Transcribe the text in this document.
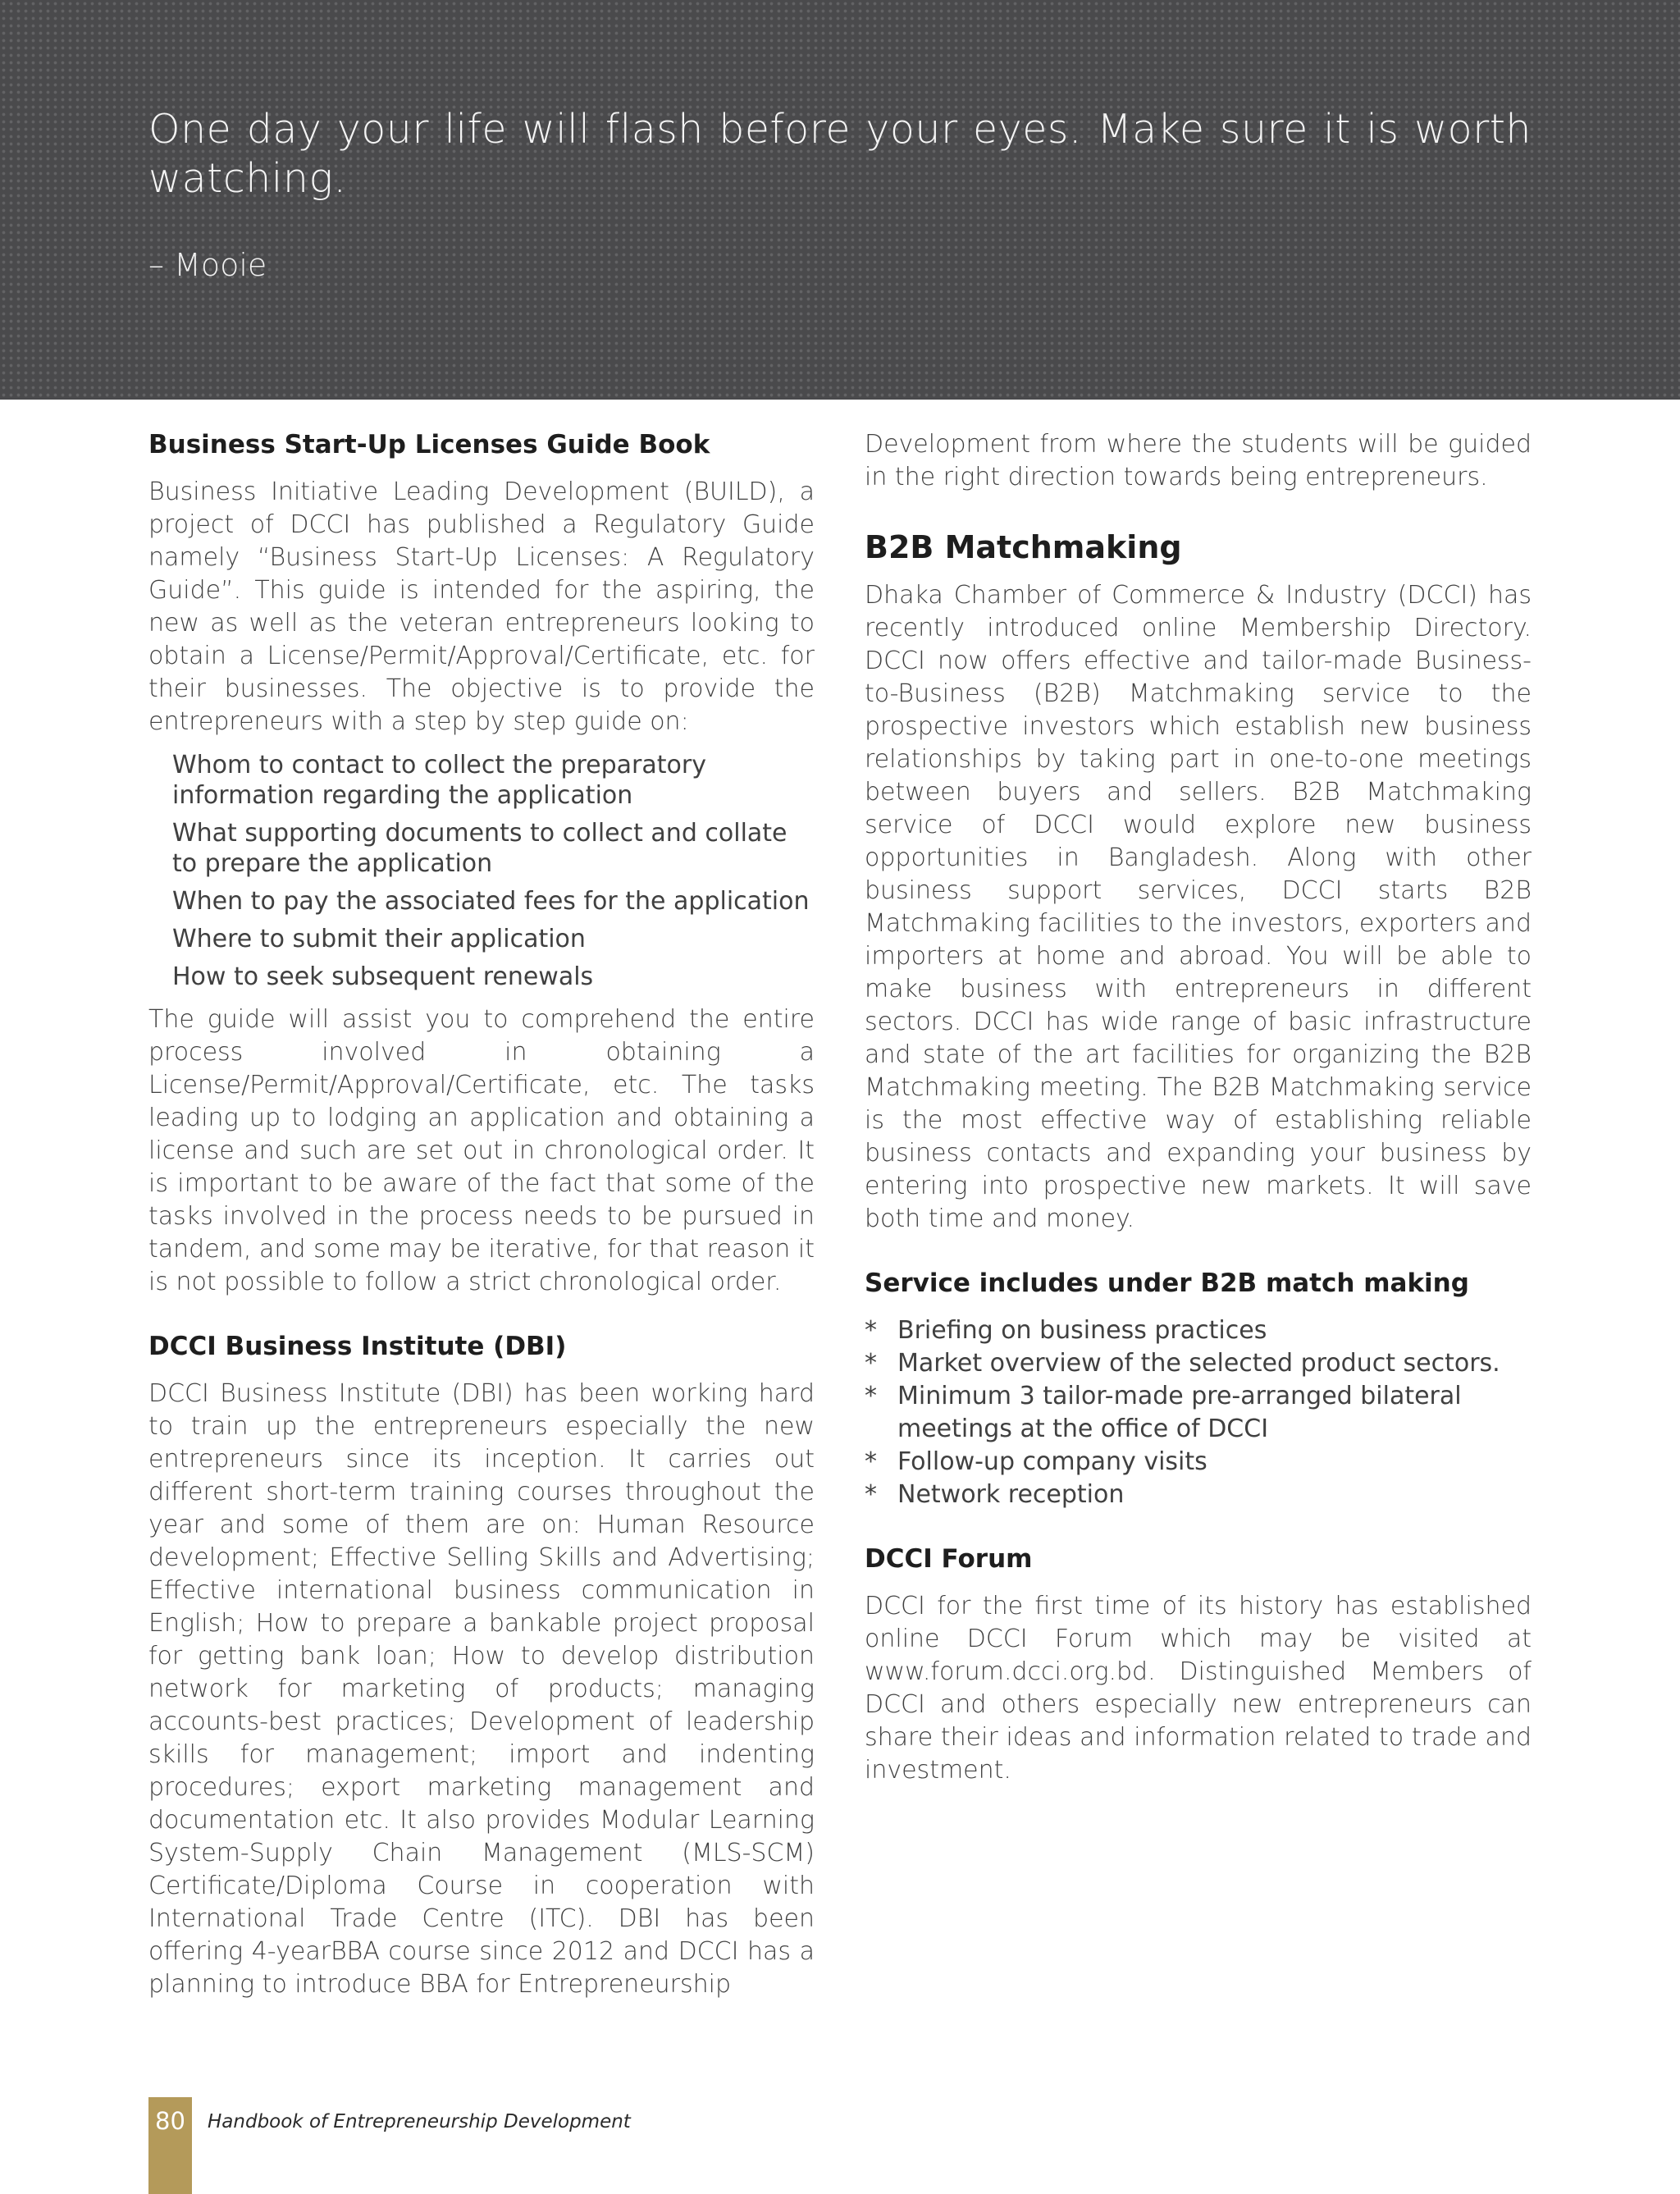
One day your life will flash before your eyes. Make sure it is worth watching.

– Mooie

Business Start-Up Licenses Guide Book

Business Initiative Leading Development (BUILD), a project of DCCI has published a Regulatory Guide namely “Business Start-Up Licenses: A Regulatory Guide”. This guide is intended for the aspiring, the new as well as the veteran entrepreneurs looking to obtain a License/Permit/Approval/Certificate, etc. for their businesses. The objective is to provide the entrepreneurs with a step by step guide on:

Whom to contact to collect the preparatory information regarding the application
What supporting documents to collect and collate to prepare the application
When to pay the associated fees for the application
Where to submit their application
How to seek subsequent renewals

The guide will assist you to comprehend the entire process involved in obtaining a License/Permit/Approval/Certificate, etc. The tasks leading up to lodging an application and obtaining a license and such are set out in chronological order. It is important to be aware of the fact that some of the tasks involved in the process needs to be pursued in tandem, and some may be iterative, for that reason it is not possible to follow a strict chronological order.

DCCI Business Institute (DBI)

DCCI Business Institute (DBI) has been working hard to train up the entrepreneurs especially the new entrepreneurs since its inception. It carries out different short-term training courses throughout the year and some of them are on: Human Resource development; Effective Selling Skills and Advertising; Effective international business communication in English; How to prepare a bankable project proposal for getting bank loan; How to develop distribution network for marketing of products; managing accounts-best practices; Development of leadership skills for management; import and indenting procedures; export marketing management and documentation etc. It also provides Modular Learning System-Supply Chain Management (MLS-SCM) Certificate/Diploma Course in cooperation with International Trade Centre (ITC). DBI has been offering 4-yearBBA course since 2012 and DCCI has a planning to introduce BBA for Entrepreneurship

Development from where the students will be guided in the right direction towards being entrepreneurs.

B2B Matchmaking

Dhaka Chamber of Commerce & Industry (DCCI) has recently introduced online Membership Directory. DCCI now offers effective and tailor-made Business-to-Business (B2B) Matchmaking service to the prospective investors which establish new business relationships by taking part in one-to-one meetings between buyers and sellers. B2B Matchmaking service of DCCI would explore new business opportunities in Bangladesh. Along with other business support services, DCCI starts B2B Matchmaking facilities to the investors, exporters and importers at home and abroad. You will be able to make business with entrepreneurs in different sectors. DCCI has wide range of basic infrastructure and state of the art facilities for organizing the B2B Matchmaking meeting. The B2B Matchmaking service is the most effective way of establishing reliable business contacts and expanding your business by entering into prospective new markets. It will save both time and money.

Service includes under B2B match making
* Briefing on business practices
* Market overview of the selected product sectors.
* Minimum 3 tailor-made pre-arranged bilateral meetings at the office of DCCI
* Follow-up company visits
* Network reception
DCCI Forum

DCCI for the first time of its history has established online DCCI Forum which may be visited at www.forum.dcci.org.bd. Distinguished Members of DCCI and others especially new entrepreneurs can share their ideas and information related to trade and investment.

80	Handbook of Entrepreneurship Development
